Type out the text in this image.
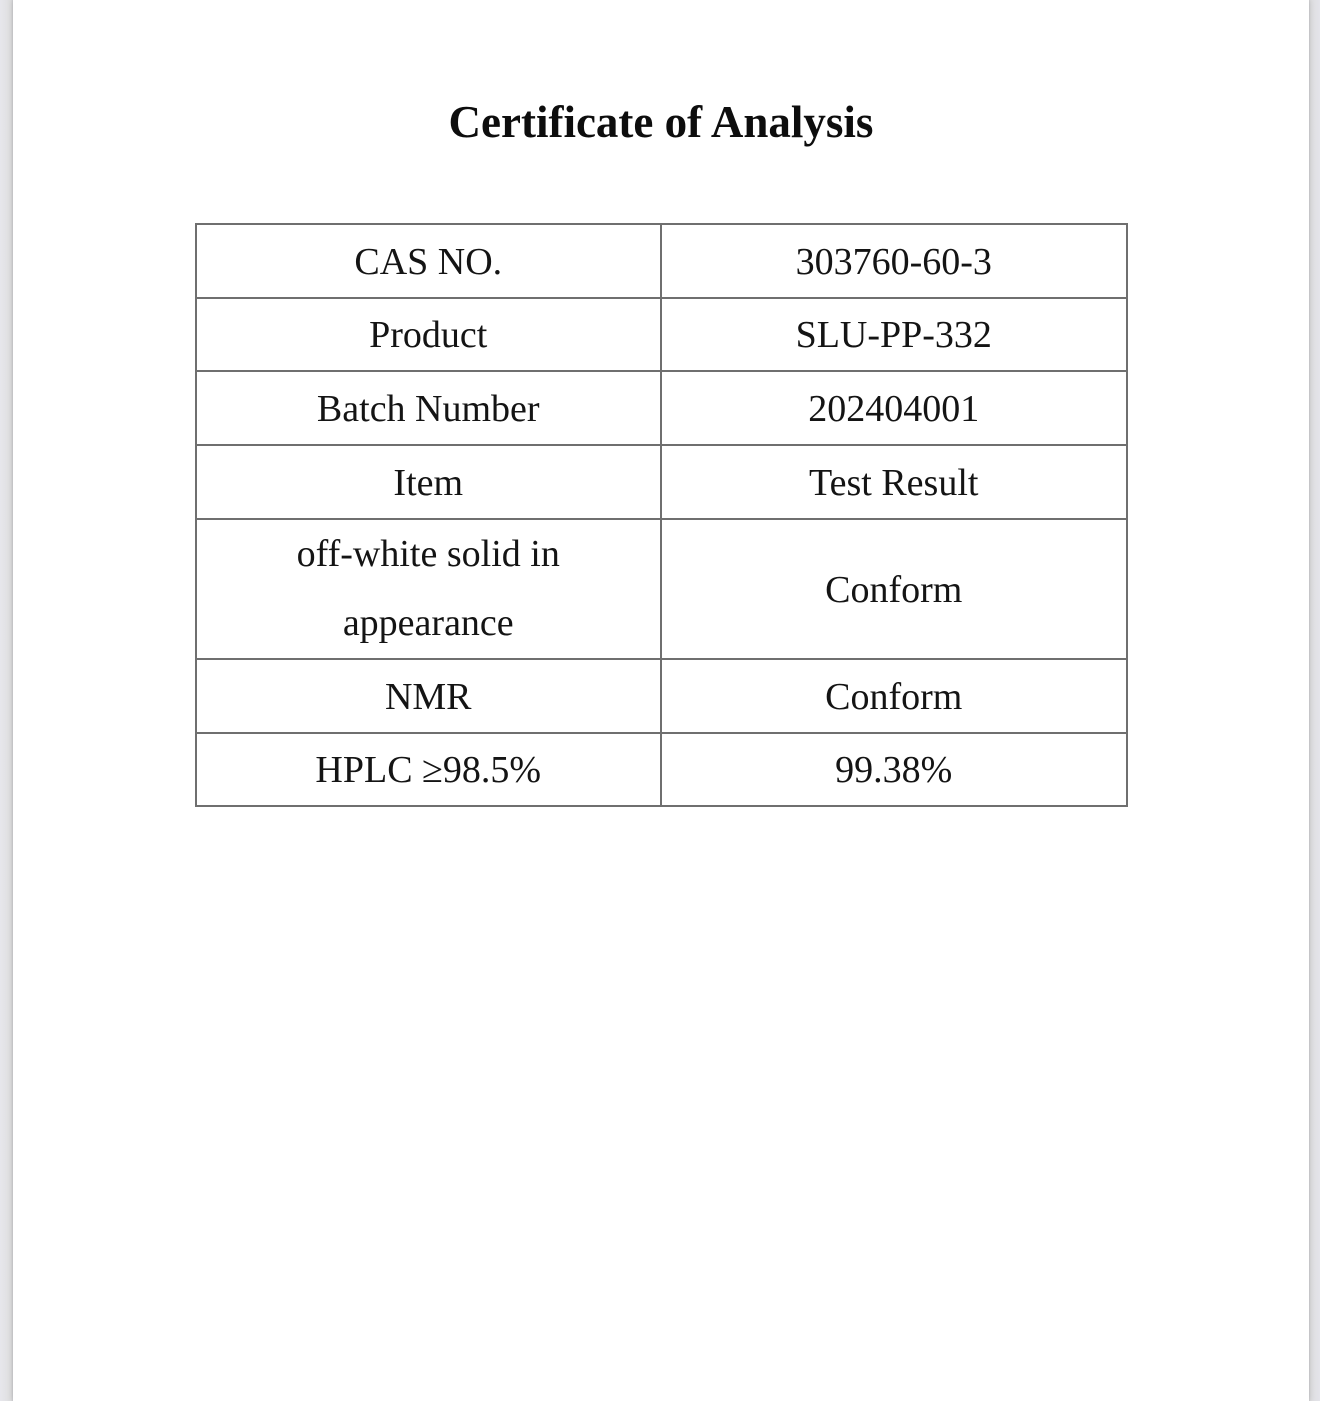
Certificate of Analysis
CAS NO.	303760-60-3
Product	SLU-PP-332
Batch Number	202404001
Item	Test Result
off-white solid in appearance	Conform
NMR	Conform
HPLC ≥98.5%	99.38%
